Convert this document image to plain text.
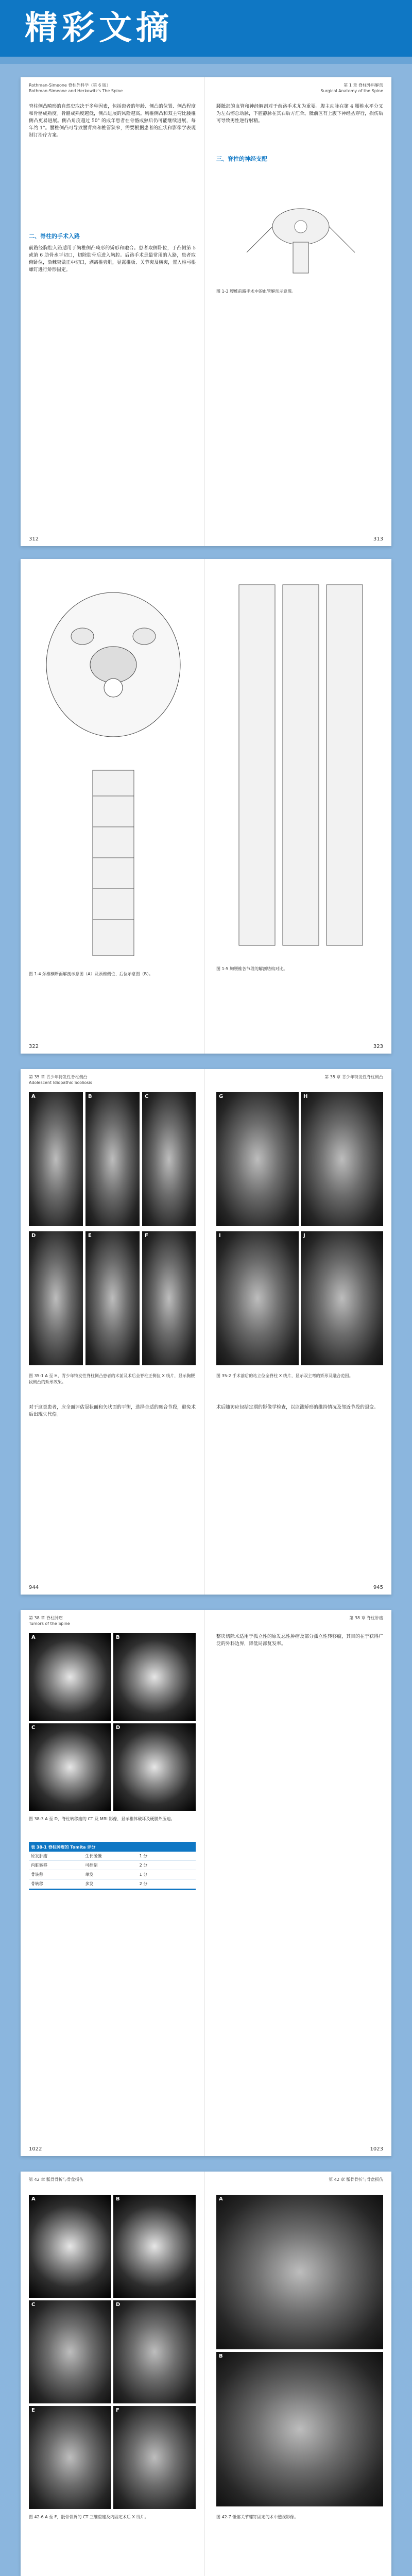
精彩文摘
Rothman-Simeone 脊柱外科学（第 6 版）
Rothman-Simeone and Herkowitz's The Spine
脊柱侧凸畸形的自然史取决于多种因素，包括患者的年龄、侧凸的位置、侧凸程度和骨骼成熟度。骨骼成熟度越低，侧凸进展的风险越高。胸椎侧凸和双主弯比腰椎侧凸更易进展。侧凸角度超过 50° 的成年患者在骨骼成熟后仍可能继续进展，每年约 1°。腰椎侧凸可导致腰背痛和椎管狭窄，需要根据患者的症状和影像学表现制订治疗方案。
二、脊柱的手术入路
前路经胸腔入路适用于胸椎侧凸畸形的矫形和融合。患者取侧卧位，于凸侧第 5 或第 6 肋骨水平切口，切除肋骨后进入胸腔。后路手术是最常用的入路，患者取俯卧位，沿棘突做正中切口，剥离椎旁肌，显露椎板、关节突及横突，置入椎弓根螺钉进行矫形固定。
312
第 1 章 脊柱外科解剖
Surgical Anatomy of the Spine
腰骶部的血管和神经解剖对于前路手术尤为重要。腹主动脉在第 4 腰椎水平分叉为左右髂总动脉，下腔静脉在其右后方汇合。骶前区有上腹下神经丛穿行，损伤后可导致男性逆行射精。
三、脊柱的神经支配
图 1-3 腰椎前路手术中的血管解剖示意图。
313
图 1-4 颈椎横断面解剖示意图（A）及颈椎侧位、后位示意图（B）。
322
图 1-5 胸腰椎各节段的解剖结构对比。
323
第 35 章 青少年特发性脊柱侧凸
Adolescent Idiopathic Scoliosis
A	B	C
D	E	F
图 35-1 A 至 H，青少年特发性脊柱侧凸患者的术前及术后全脊柱正侧位 X 线片，显示胸腰段侧凸的矫形效果。
对于这类患者，应全面评估冠状面和矢状面的平衡，选择合适的融合节段，避免术后出现失代偿。
944
第 35 章 青少年特发性脊柱侧凸
G	H
I	J
图 35-2 手术前后的站立位全脊柱 X 线片，显示双主弯的矫形及融合范围。
术后随访应包括定期的影像学检查，以监测矫形的维持情况及邻近节段的退变。
945
第 38 章 脊柱肿瘤
Tumors of the Spine
A	B
C	D
图 38-3 A 至 D，脊柱转移瘤的 CT 及 MRI 影像，显示椎体破坏及硬膜外压迫。
表 38-1 脊柱肿瘤的 Tomita 评分
原发肿瘤	生长缓慢	1 分
内脏转移	可控制	2 分
骨转移	单发	1 分
骨转移	多发	2 分
1022
第 38 章 脊柱肿瘤
整块切除术适用于孤立性的原发恶性肿瘤及部分孤立性转移瘤，其目的在于获得广泛的外科边界，降低局部复发率。
1023
第 42 章 骶骨骨折与骨盆损伤
A	B
C	D
E	F
图 42-6 A 至 F，骶骨骨折的 CT 三维重建及内固定术后 X 线片。
第 42 章 骶骨骨折与骨盆损伤
A
B
图 42-7 骶髂关节螺钉固定的术中透视影像。
